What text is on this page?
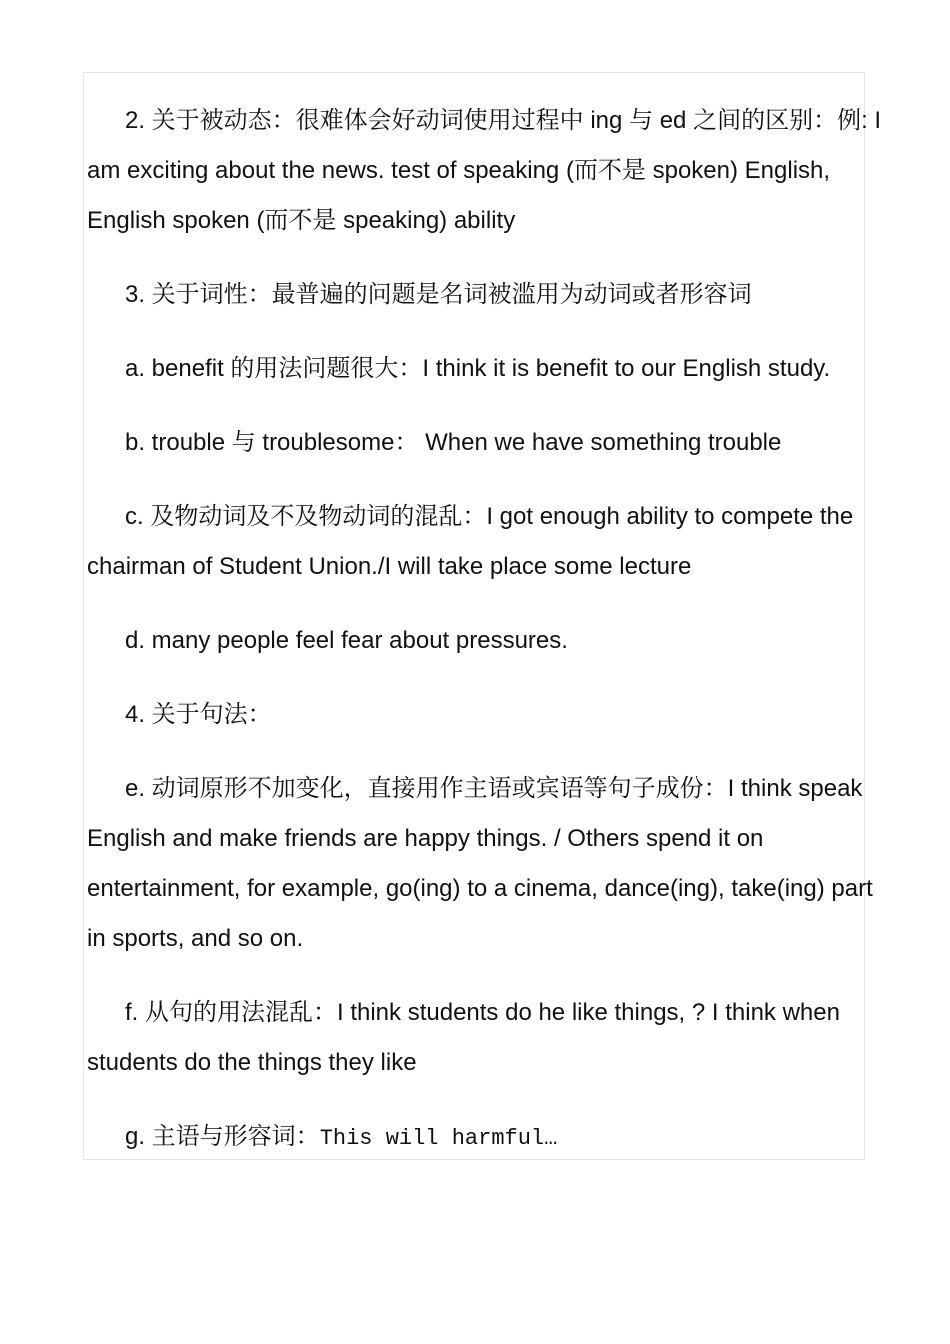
2. 关于被动态：很难体会好动词使用过程中 ing 与 ed 之间的区别：例: I am exciting about the news. test of speaking (而不是 spoken) English, English spoken (而不是 speaking) ability

3. 关于词性：最普遍的问题是名词被滥用为动词或者形容词

a. benefit 的用法问题很大：I think it is benefit to our English study.

b. trouble 与 troublesome： When we have something trouble

c. 及物动词及不及物动词的混乱：I got enough ability to compete the chairman of Student Union./I will take place some lecture

d. many people feel fear about pressures.

4. 关于句法：

e. 动词原形不加变化，直接用作主语或宾语等句子成份：I think speak English and make friends are happy things. / Others spend it on entertainment, for example, go(ing) to a cinema, dance(ing), take(ing) part in sports, and so on.

f. 从句的用法混乱：I think students do he like things, ? I think when students do the things they like

g. 主语与形容词：This will harmful…
